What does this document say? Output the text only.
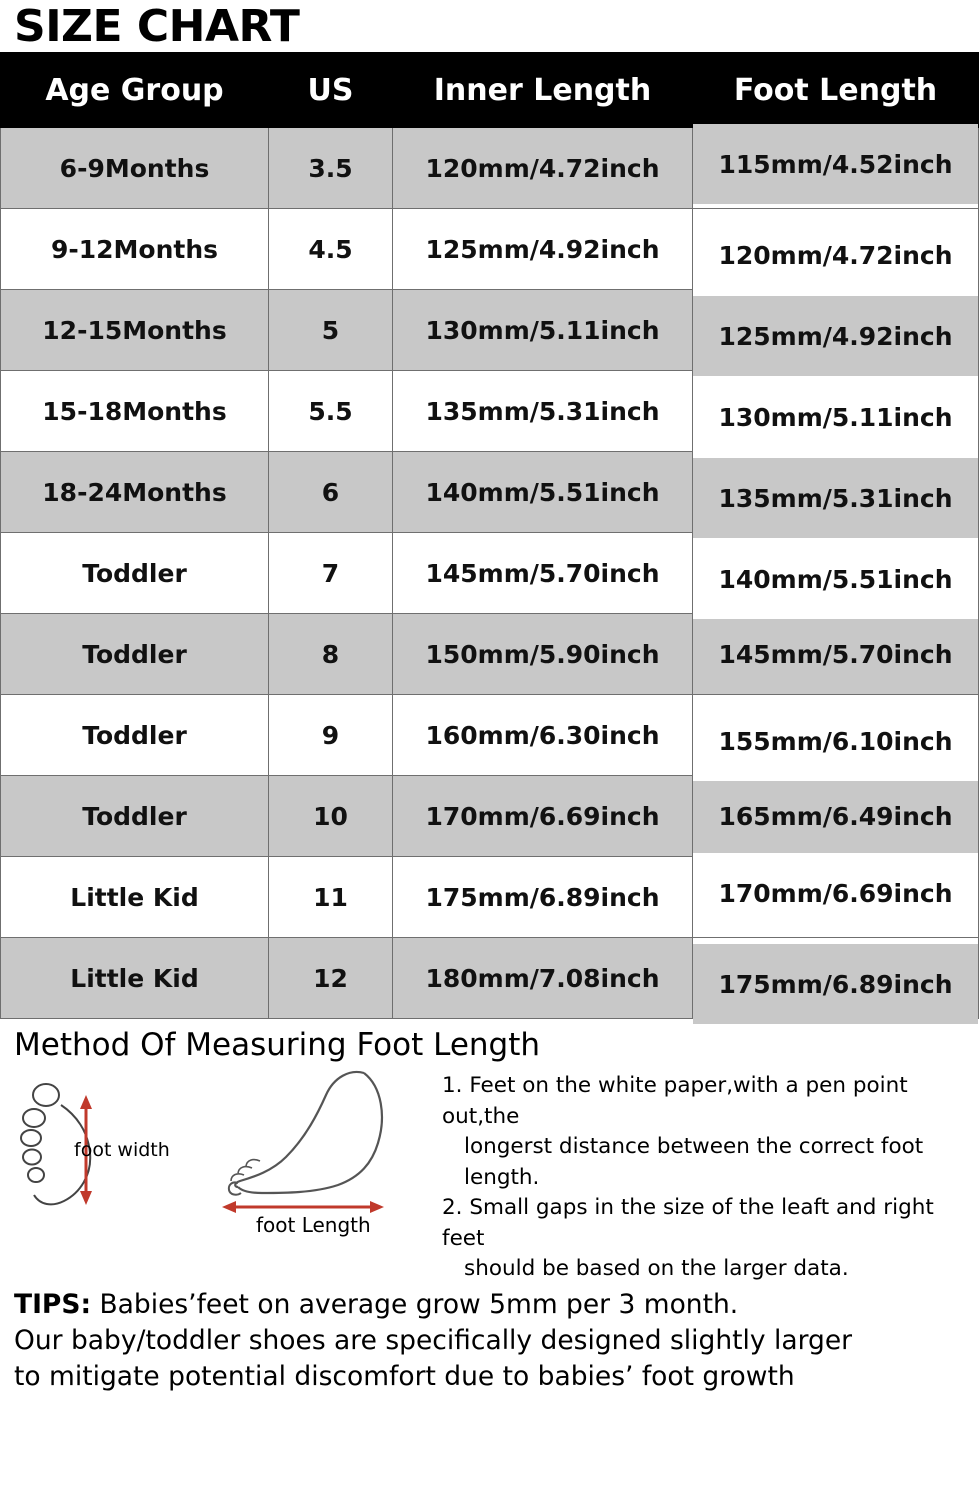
SIZE CHART
Age Group	US	Inner Length	Foot Length
6-9Months	3.5	120mm/4.72inch	115mm/4.52inch
9-12Months	4.5	125mm/4.92inch	120mm/4.72inch
12-15Months	5	130mm/5.11inch	125mm/4.92inch
15-18Months	5.5	135mm/5.31inch	130mm/5.11inch
18-24Months	6	140mm/5.51inch	135mm/5.31inch
Toddler	7	145mm/5.70inch	140mm/5.51inch
Toddler	8	150mm/5.90inch	145mm/5.70inch
Toddler	9	160mm/6.30inch	155mm/6.10inch
Toddler	10	170mm/6.69inch	165mm/6.49inch
Little Kid	11	175mm/6.89inch	170mm/6.69inch
Little Kid	12	180mm/7.08inch	175mm/6.89inch
Method Of Measuring Foot Length
foot width
foot Length
1. Feet on the white paper,with a pen point out,the
longerst distance between the correct foot length.
2. Small gaps in the size of the leaft and right feet
should be based on the larger data.
TIPS: Babies’feet on average grow 5mm per 3 month.
Our baby/toddler shoes are specifically designed slightly larger
to mitigate potential discomfort due to babies’ foot growth
